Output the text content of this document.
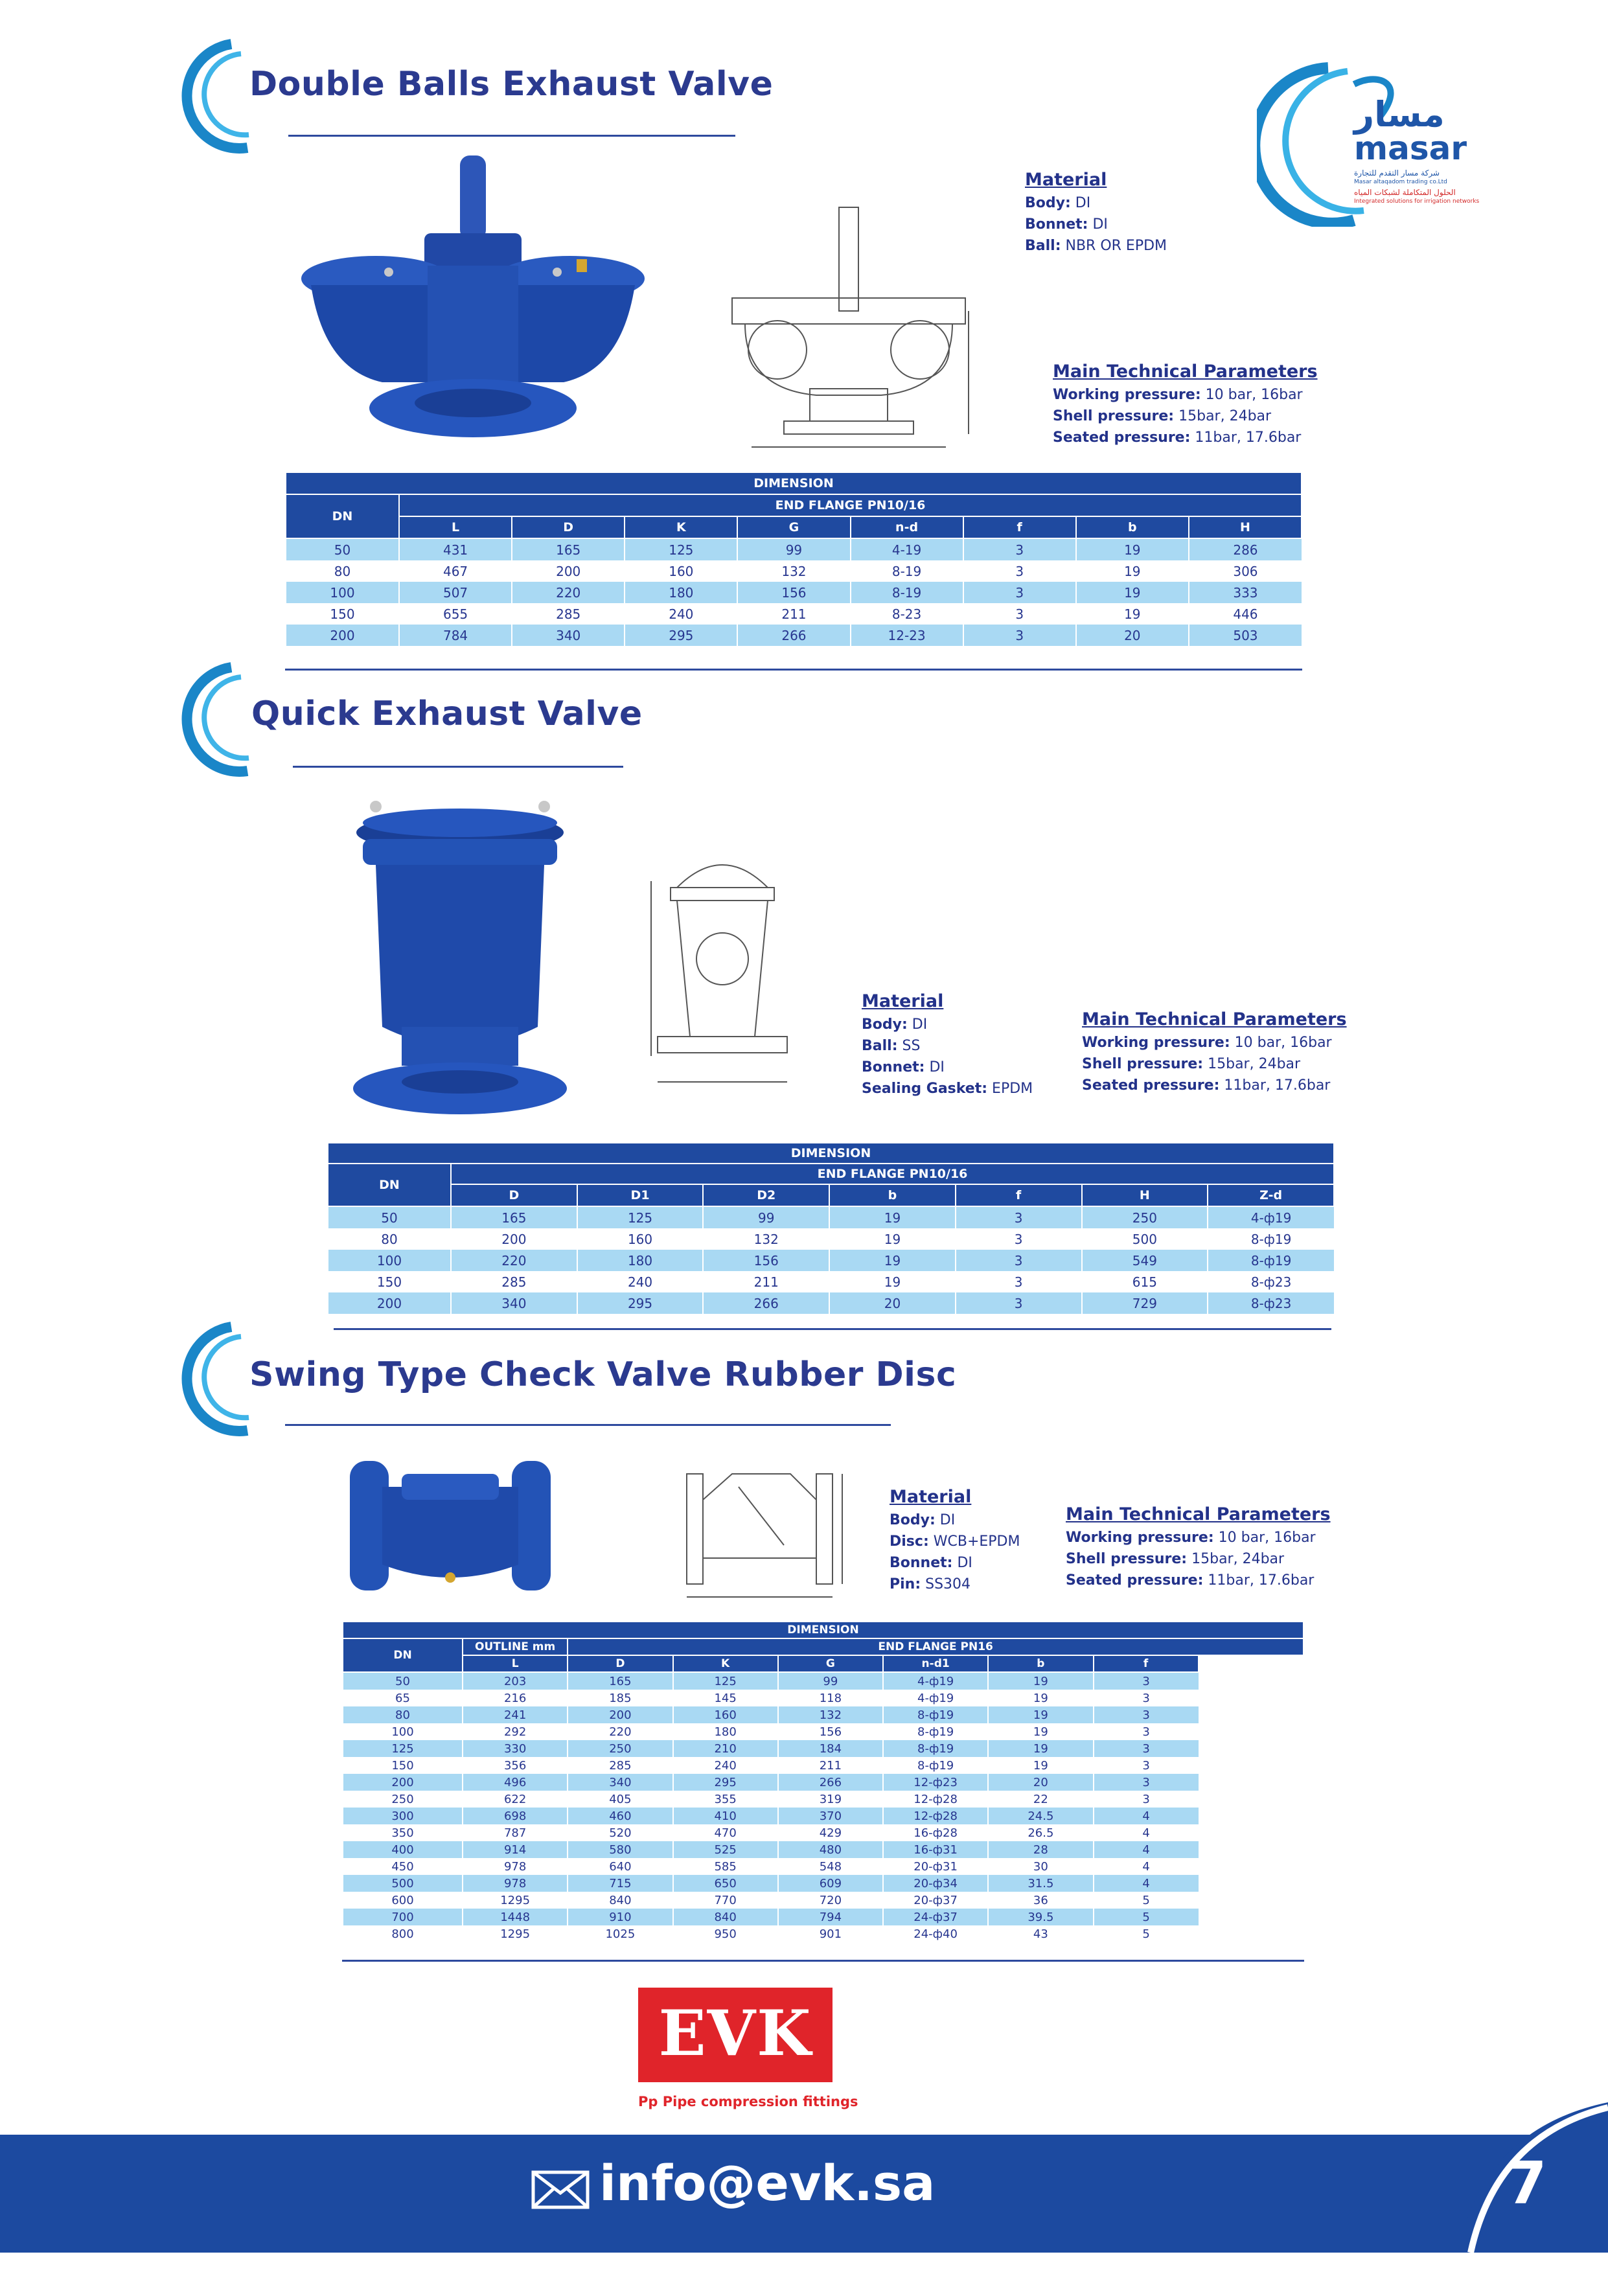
مسار
masar
شركة مسار التقدم للتجارة
Masar altaqadom trading co.Ltd
الحلول المتكاملة لشبكات المياه
Integrated solutions for irrigation networks
Double Balls Exhaust Valve
Material
Body: DI
Bonnet: DI
Ball: NBR OR EPDM
Main Technical Parameters
Working pressure: 10 bar, 16bar
Shell pressure: 15bar, 24bar
Seated pressure: 11bar, 17.6bar
DIMENSION								
DN	END FLANGE PN10/16							
	L	D	K	G	n-d	f	b	H
50	431	165	125	99	4-19	3	19	286
80	467	200	160	132	8-19	3	19	306
100	507	220	180	156	8-19	3	19	333
150	655	285	240	211	8-23	3	19	446
200	784	340	295	266	12-23	3	20	503
Quick Exhaust Valve
Material
Body: DI
Ball: SS
Bonnet: DI
Sealing Gasket: EPDM
Main Technical Parameters
Working pressure: 10 bar, 16bar
Shell pressure: 15bar, 24bar
Seated pressure: 11bar, 17.6bar
DIMENSION							
DN	END FLANGE PN10/16						
	D	D1	D2	b	f	H	Z-d
50	165	125	99	19	3	250	4-ф19
80	200	160	132	19	3	500	8-ф19
100	220	180	156	19	3	549	8-ф19
150	285	240	211	19	3	615	8-ф23
200	340	295	266	20	3	729	8-ф23
Swing Type Check Valve Rubber Disc
Material
Body: DI
Disc: WCB+EPDM
Bonnet: DI
Pin: SS304
Main Technical Parameters
Working pressure: 10 bar, 16bar
Shell pressure: 15bar, 24bar
Seated pressure: 11bar, 17.6bar
DIMENSION							
DN	OUTLINE mm	END FLANGE PN16					
	L	D	K	G	n-d1	b	f
50	203	165	125	99	4-ф19	19	3
65	216	185	145	118	4-ф19	19	3
80	241	200	160	132	8-ф19	19	3
100	292	220	180	156	8-ф19	19	3
125	330	250	210	184	8-ф19	19	3
150	356	285	240	211	8-ф19	19	3
200	496	340	295	266	12-ф23	20	3
250	622	405	355	319	12-ф28	22	3
300	698	460	410	370	12-ф28	24.5	4
350	787	520	470	429	16-ф28	26.5	4
400	914	580	525	480	16-ф31	28	4
450	978	640	585	548	20-ф31	30	4
500	978	715	650	609	20-ф34	31.5	4
600	1295	840	770	720	20-ф37	36	5
700	1448	910	840	794	24-ф37	39.5	5
800	1295	1025	950	901	24-ф40	43	5
EVK
Pp Pipe compression fittings
info@evk.sa	7
